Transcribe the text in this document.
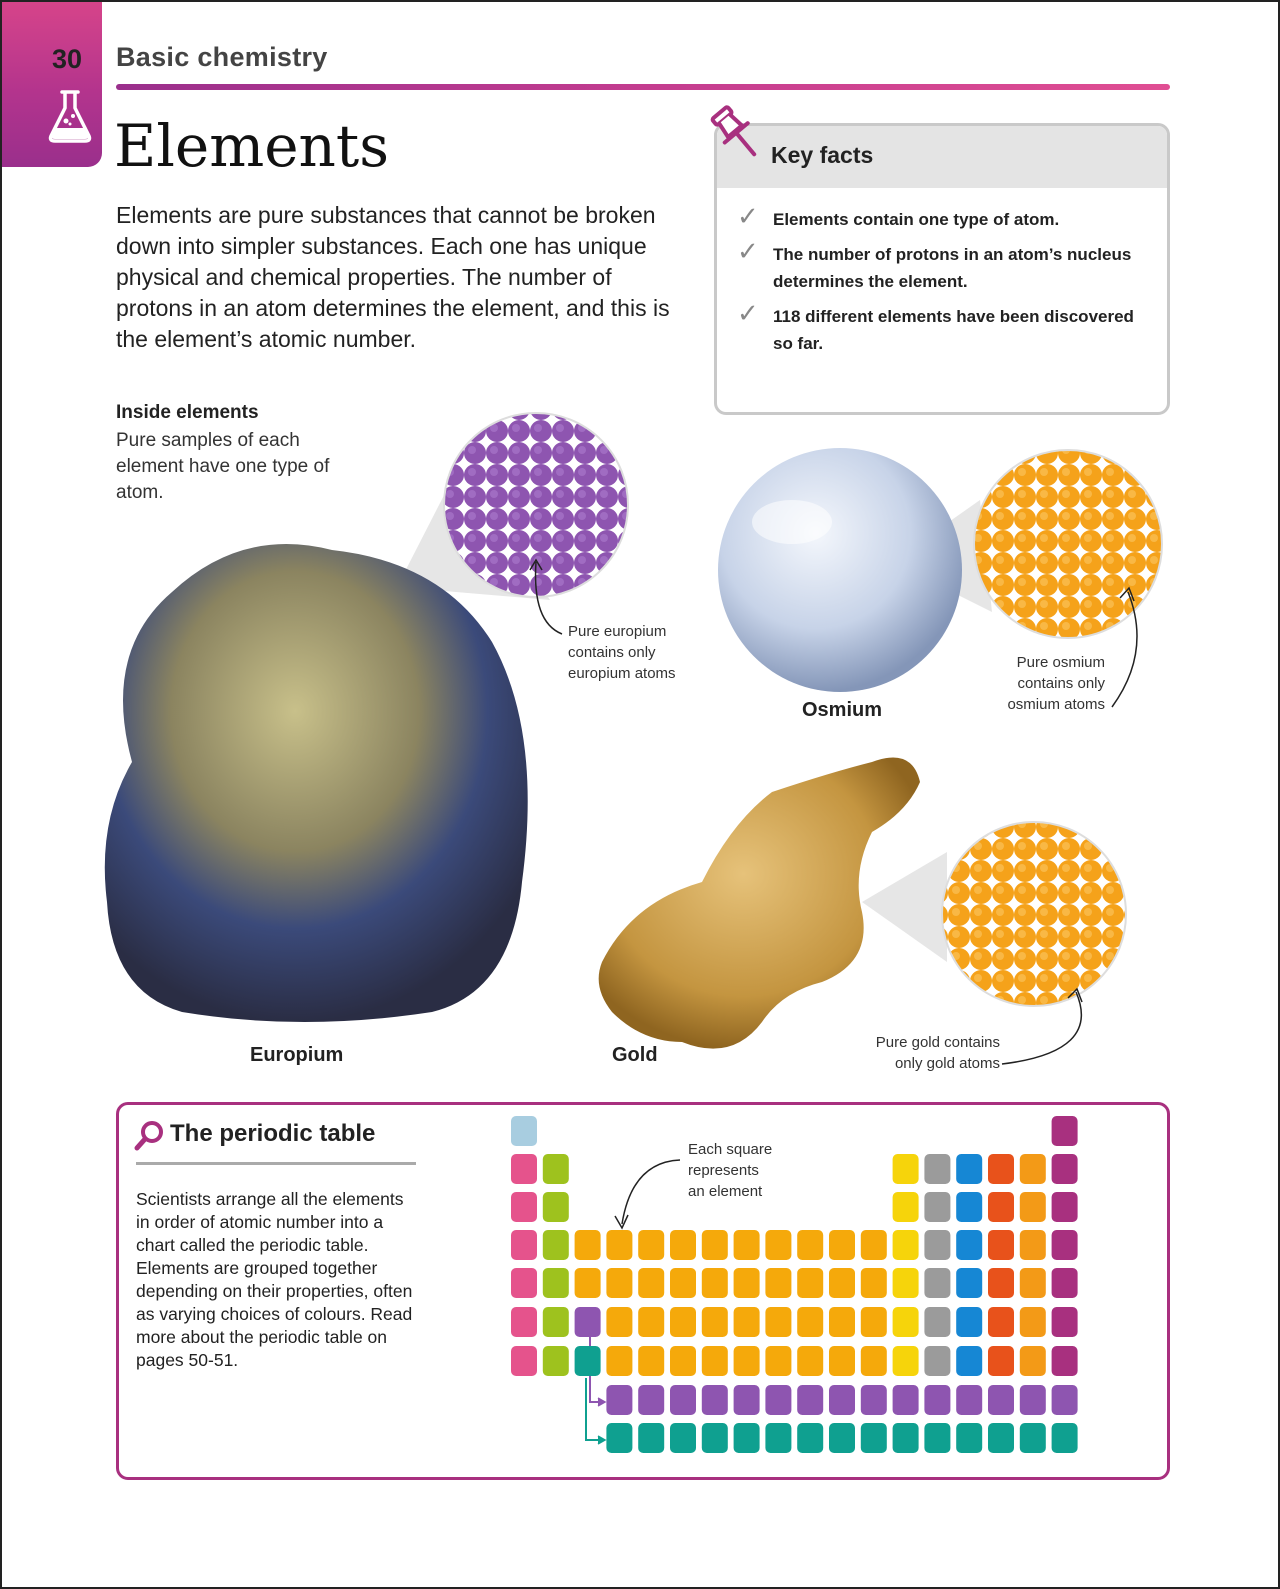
30 Basic chemistry
Elements
Elements are pure substances that cannot be broken down into simpler substances. Each one has unique physical and chemical properties. The number of protons in an atom determines the element, and this is the element’s atomic number.
Key facts
✓ Elements contain one type of atom.
✓ The number of protons in an atom’s nucleus determines the element.
✓ 118 different elements have been discovered so far.
Inside elements
Pure samples of each element have one type of atom.
Pure europium
contains only
europium atoms
Pure osmium
contains only
osmium atoms
Pure gold contains
only gold atoms
Europium
Osmium
Gold
The periodic table
Scientists arrange all the elements in order of atomic number into a chart called the periodic table. Elements are grouped together depending on their properties, often as varying choices of colours. Read more about the periodic table on pages 50-51.
Each square
represents
an element
